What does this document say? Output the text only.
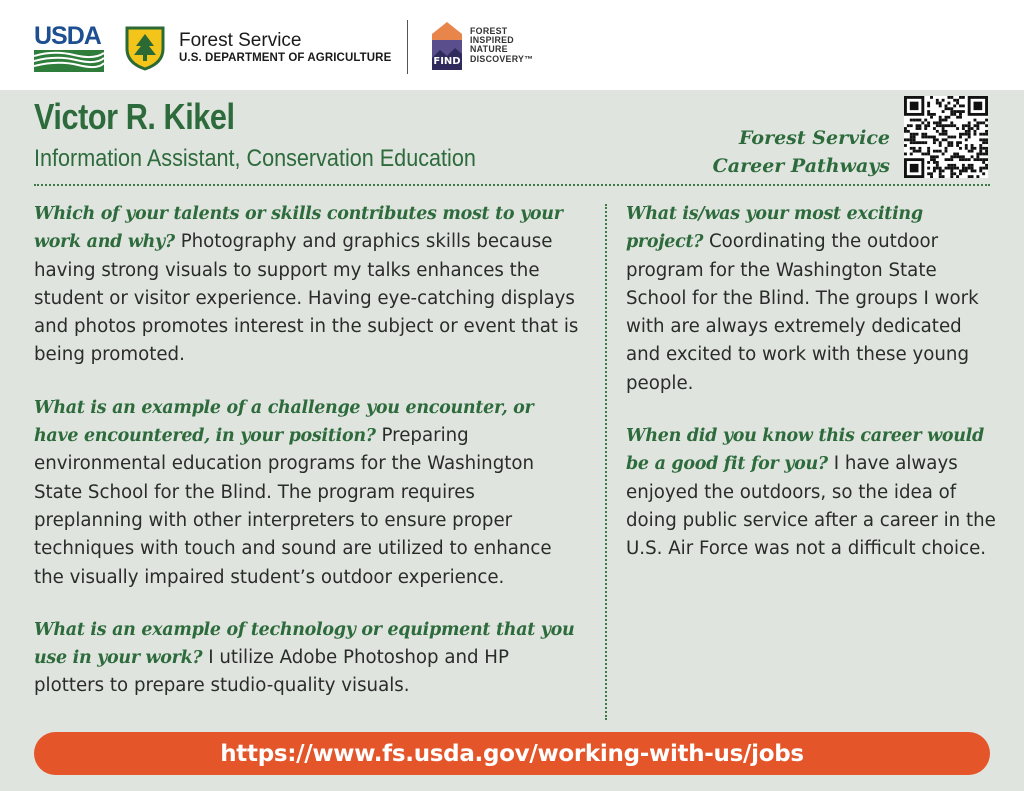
USDA	Forest Service
U.S. DEPARTMENT OF AGRICULTURE	FIND
FOREST
INSPIRED
NATURE
DISCOVERY™
Victor R. Kikel
Information Assistant, Conservation Education
Forest Service
Career Pathways
Which of your talents or skills contributes most to your work and why? Photography and graphics skills because having strong visuals to support my talks enhances the student or visitor experience. Having eye-catching displays and photos promotes interest in the subject or event that is being promoted.
What is an example of a challenge you encounter, or have encountered, in your position? Preparing environmental education programs for the Washington State School for the Blind. The program requires preplanning with other interpreters to ensure proper techniques with touch and sound are utilized to enhance the visually impaired student’s outdoor experience.
What is an example of technology or equipment that you use in your work? I utilize Adobe Photoshop and HP plotters to prepare studio-quality visuals.
What is/was your most exciting project? Coordinating the outdoor program for the Washington State School for the Blind. The groups I work with are always extremely dedicated and excited to work with these young people.
When did you know this career would be a good fit for you? I have always enjoyed the outdoors, so the idea of doing public service after a career in the U.S. Air Force was not a difficult choice.
https://www.fs.usda.gov/working-with-us/jobs
